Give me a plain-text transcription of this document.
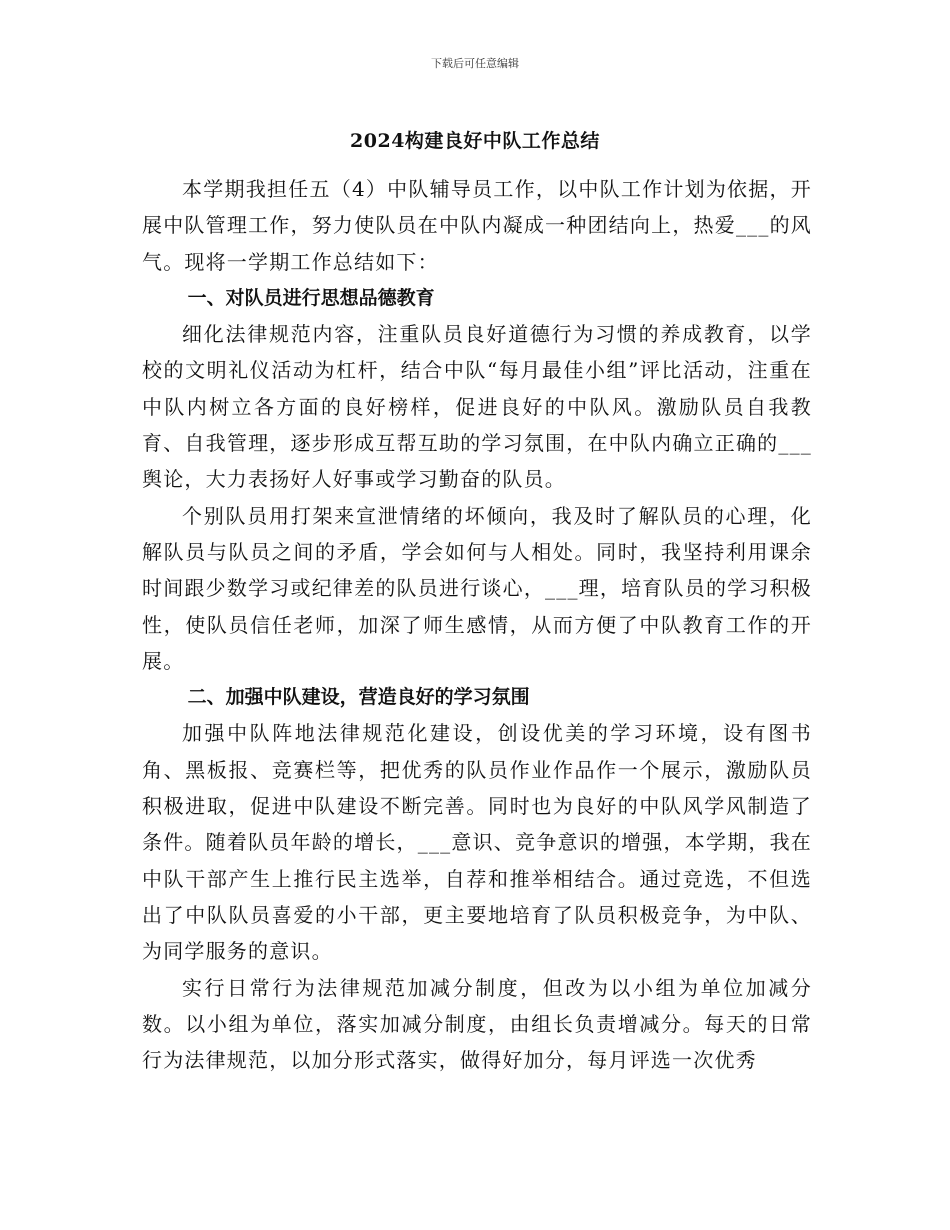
下载后可任意编辑
2024构建良好中队工作总结

本学期我担任五（4）中队辅导员工作，以中队工作计划为依据，开展中队管理工作，努力使队员在中队内凝成一种团结向上，热爱___的风气。现将一学期工作总结如下：

一、对队员进行思想品德教育

细化法律规范内容，注重队员良好道德行为习惯的养成教育，以学校的文明礼仪活动为杠杆，结合中队“每月最佳小组”评比活动，注重在中队内树立各方面的良好榜样，促进良好的中队风。激励队员自我教育、自我管理，逐步形成互帮互助的学习氛围，在中队内确立正确的___舆论，大力表扬好人好事或学习勤奋的队员。

个别队员用打架来宣泄情绪的坏倾向，我及时了解队员的心理，化解队员与队员之间的矛盾，学会如何与人相处。同时，我坚持利用课余时间跟少数学习或纪律差的队员进行谈心，___理，培育队员的学习积极性，使队员信任老师，加深了师生感情，从而方便了中队教育工作的开展。

二、加强中队建设，营造良好的学习氛围

加强中队阵地法律规范化建设，创设优美的学习环境，设有图书角、黑板报、竞赛栏等，把优秀的队员作业作品作一个展示，激励队员积极进取，促进中队建设不断完善。同时也为良好的中队风学风制造了条件。随着队员年龄的增长，___意识、竞争意识的增强，本学期，我在中队干部产生上推行民主选举，自荐和推举相结合。通过竞选，不但选出了中队队员喜爱的小干部，更主要地培育了队员积极竞争，为中队、为同学服务的意识。

实行日常行为法律规范加减分制度，但改为以小组为单位加减分数。以小组为单位，落实加减分制度，由组长负责增减分。每天的日常行为法律规范，以加分形式落实，做得好加分，每月评选一次优秀
